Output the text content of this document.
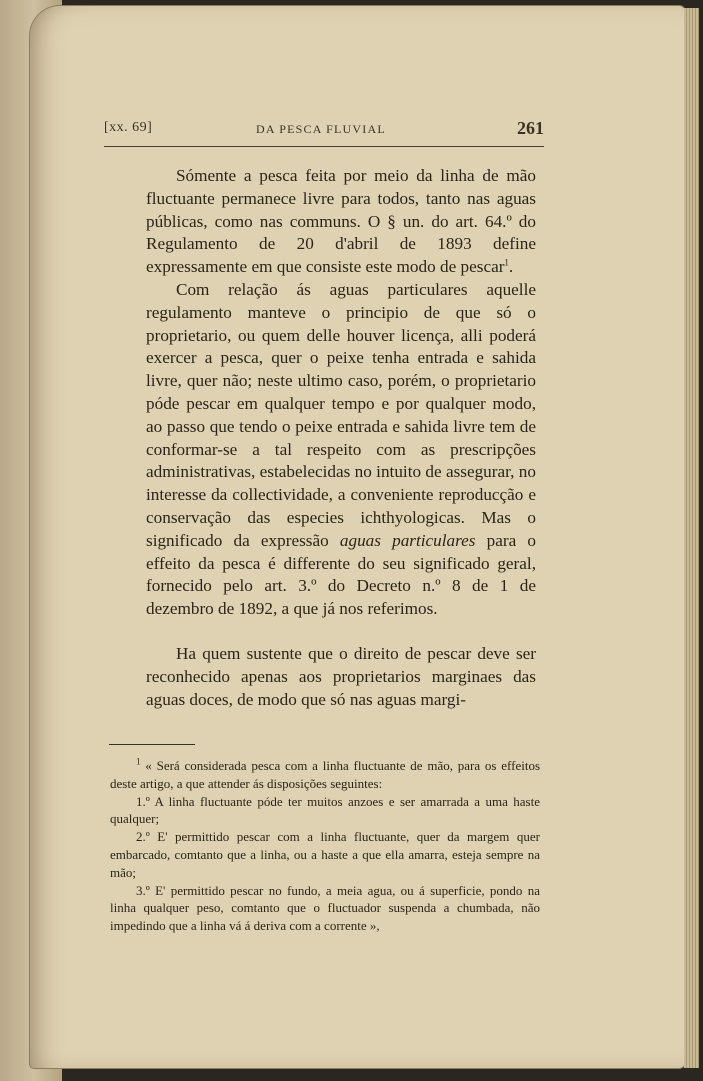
[xx. 69]	DA PESCA FLUVIAL	261

Sómente a pesca feita por meio da linha de mão fluctuante permanece livre para todos, tanto nas aguas públicas, como nas communs. O § un. do art. 64.º do Regulamento de 20 d'abril de 1893 define expressamente em que consiste este modo de pescar$^1$.

Com relação ás aguas particulares aquelle regulamento manteve o principio de que só o proprietario, ou quem delle houver licença, alli poderá exercer a pesca, quer o peixe tenha entrada e sahida livre, quer não; neste ultimo caso, porém, o proprietario póde pescar em qualquer tempo e por qualquer modo, ao passo que tendo o peixe entrada e sahida livre tem de conformar-se a tal respeito com as prescripções administrativas, estabelecidas no intuito de assegurar, no interesse da collectividade, a conveniente reproducção e conservação das especies ichthyologicas. Mas o significado da expressão aguas particulares para o effeito da pesca é differente do seu significado geral, fornecido pelo art. 3.º do Decreto n.º 8 de 1 de dezembro de 1892, a que já nos referimos.

Ha quem sustente que o direito de pescar deve ser reconhecido apenas aos proprietarios marginaes das aguas doces, de modo que só nas aguas margi-

$^1$ « Será considerada pesca com a linha fluctuante de mão, para os effeitos deste artigo, a que attender ás disposições seguintes:

1.º A linha fluctuante póde ter muitos anzoes e ser amarrada a uma haste qualquer;

2.º E' permittido pescar com a linha fluctuante, quer da margem quer embarcado, comtanto que a linha, ou a haste a que ella amarra, esteja sempre na mão;

3.º E' permittido pescar no fundo, a meia agua, ou á superficie, pondo na linha qualquer peso, comtanto que o fluctuador suspenda a chumbada, não impedindo que a linha vá á deriva com a corrente »,
